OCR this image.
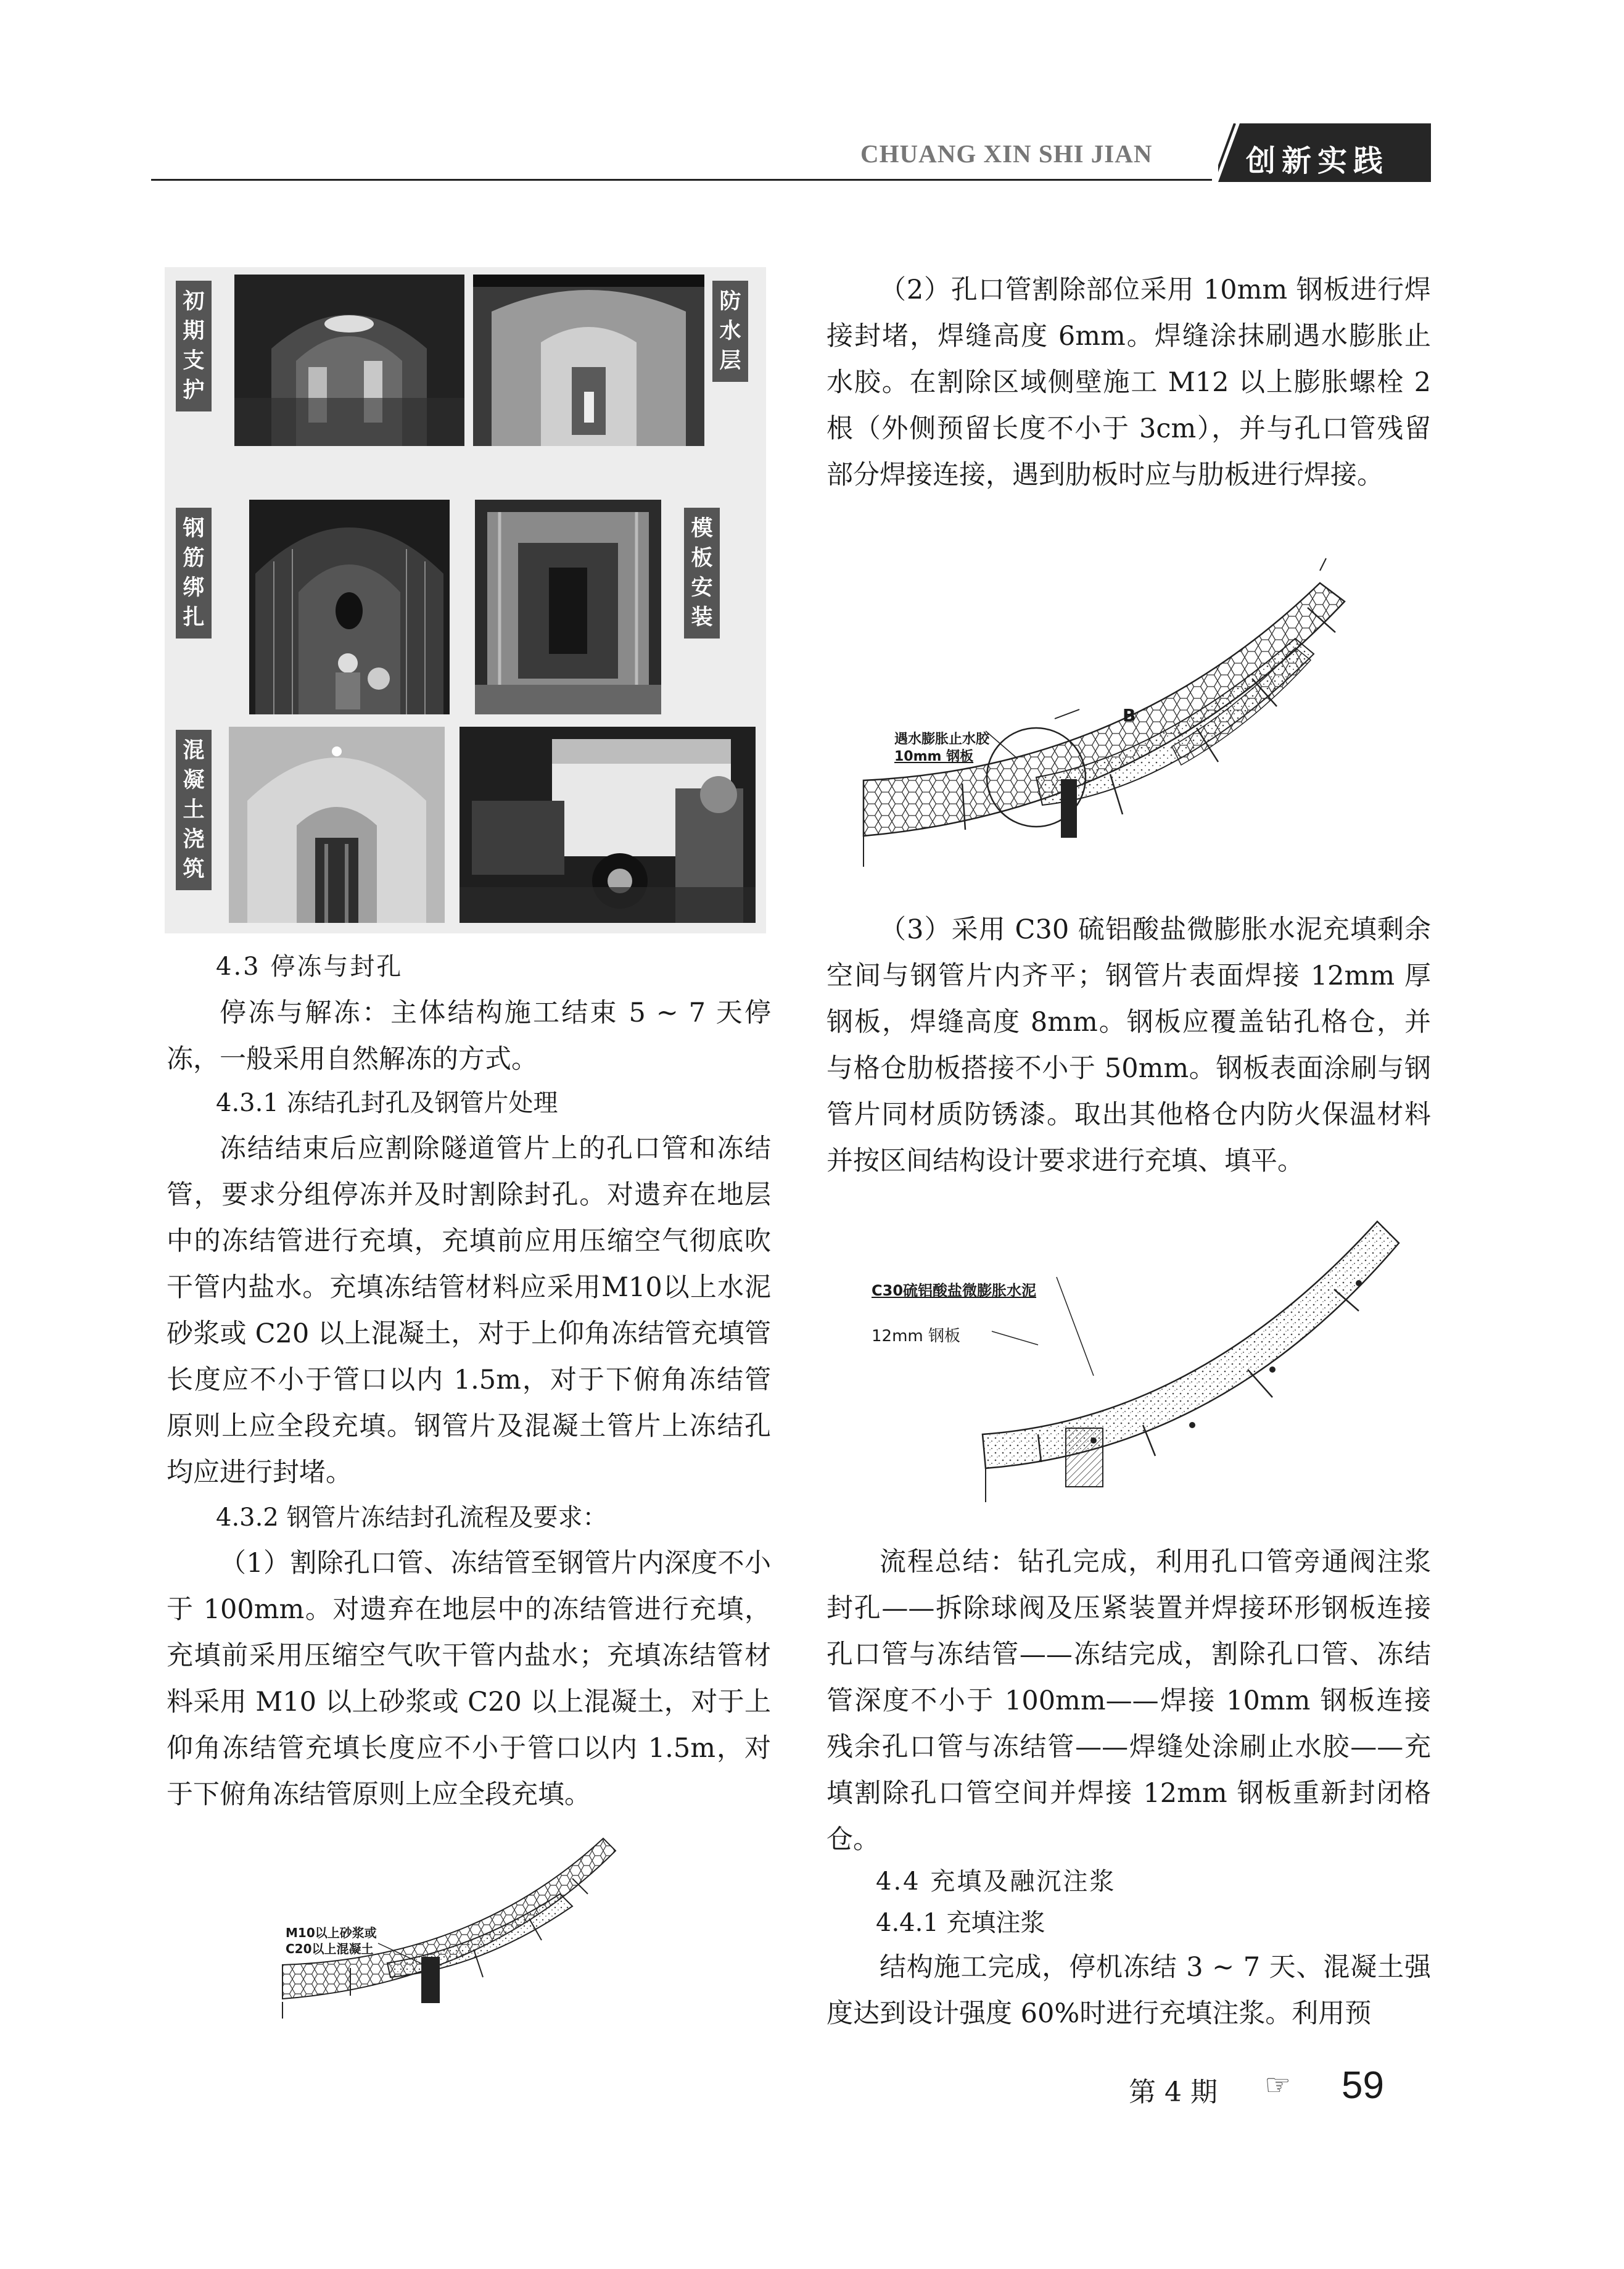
CHUANG XIN SHI JIAN	创新实践
初期支护
防水层
钢筋绑扎
模板安装
混凝土浇筑

4.3 停冻与封孔

停冻与解冻：主体结构施工结束 5 ~ 7 天停冻，一般采用自然解冻的方式。

4.3.1 冻结孔封孔及钢管片处理

冻结结束后应割除隧道管片上的孔口管和冻结管，要求分组停冻并及时割除封孔。对遗弃在地层中的冻结管进行充填，充填前应用压缩空气彻底吹干管内盐水。充填冻结管材料应采用M10以上水泥砂浆或 C20 以上混凝土，对于上仰角冻结管充填管长度应不小于管口以内 1.5m，对于下俯角冻结管原则上应全段充填。钢管片及混凝土管片上冻结孔均应进行封堵。

4.3.2 钢管片冻结封孔流程及要求：

（1）割除孔口管、冻结管至钢管片内深度不小于 100mm。对遗弃在地层中的冻结管进行充填，充填前采用压缩空气吹干管内盐水；充填冻结管材料采用 M10 以上砂浆或 C20 以上混凝土，对于上仰角冻结管充填长度应不小于管口以内 1.5m，对于下俯角冻结管原则上应全段充填。

M10以上砂浆或
C20以上混凝土

（2）孔口管割除部位采用 10mm 钢板进行焊接封堵，焊缝高度 6mm。焊缝涂抹刷遇水膨胀止水胶。在割除区域侧壁施工 M12 以上膨胀螺栓 2 根（外侧预留长度不小于 3cm），并与孔口管残留部分焊接连接，遇到肋板时应与肋板进行焊接。

B
遇水膨胀止水胶
10mm 钢板

（3）采用 C30 硫铝酸盐微膨胀水泥充填剩余空间与钢管片内齐平；钢管片表面焊接 12mm 厚钢板，焊缝高度 8mm。钢板应覆盖钻孔格仓，并与格仓肋板搭接不小于 50mm。钢板表面涂刷与钢管片同材质防锈漆。取出其他格仓内防火保温材料并按区间结构设计要求进行充填、填平。

C30硫铝酸盐微膨胀水泥
12mm 钢板

流程总结：钻孔完成，利用孔口管旁通阀注浆封孔——拆除球阀及压紧装置并焊接环形钢板连接孔口管与冻结管——冻结完成，割除孔口管、冻结管深度不小于 100mm——焊接 10mm 钢板连接残余孔口管与冻结管——焊缝处涂刷止水胶——充填割除孔口管空间并焊接 12mm 钢板重新封闭格仓。

4.4 充填及融沉注浆

4.4.1 充填注浆

结构施工完成，停机冻结 3 ~ 7 天、混凝土强度达到设计强度 60%时进行充填注浆。利用预

第 4 期 ☞ 59
